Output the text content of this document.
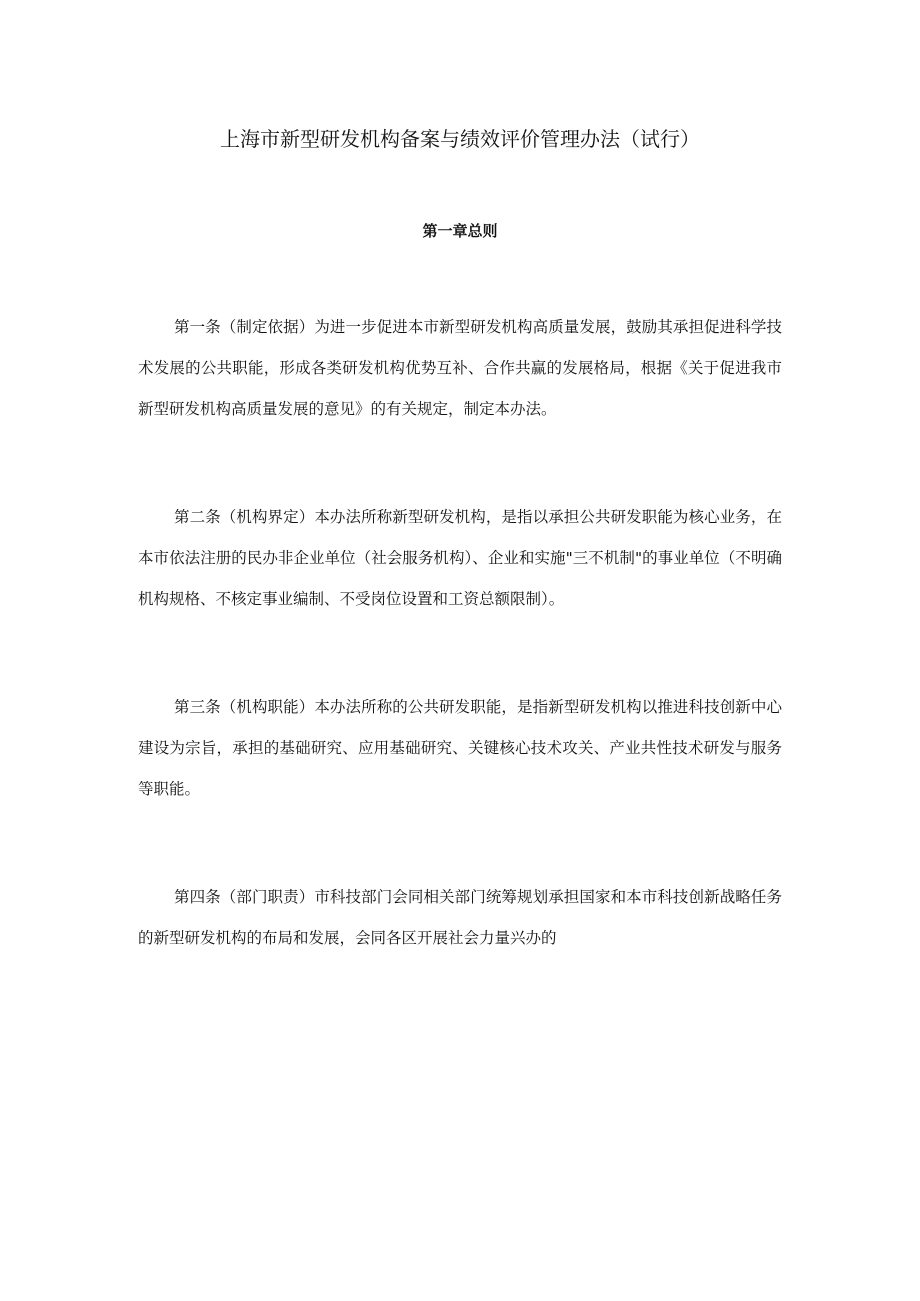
上海市新型研发机构备案与绩效评价管理办法（试行）
第一章总则

第一条（制定依据）为进一步促进本市新型研发机构高质量发展，鼓励其承担促进科学技术发展的公共职能，形成各类研发机构优势互补、合作共赢的发展格局，根据《关于促进我市新型研发机构高质量发展的意见》的有关规定，制定本办法。

第二条（机构界定）本办法所称新型研发机构，是指以承担公共研发职能为核心业务，在本市依法注册的民办非企业单位（社会服务机构）、企业和实施"三不机制"的事业单位（不明确机构规格、不核定事业编制、不受岗位设置和工资总额限制）。

第三条（机构职能）本办法所称的公共研发职能，是指新型研发机构以推进科技创新中心建设为宗旨，承担的基础研究、应用基础研究、关键核心技术攻关、产业共性技术研发与服务等职能。

第四条（部门职责）市科技部门会同相关部门统筹规划承担国家和本市科技创新战略任务的新型研发机构的布局和发展，会同各区开展社会力量兴办的
